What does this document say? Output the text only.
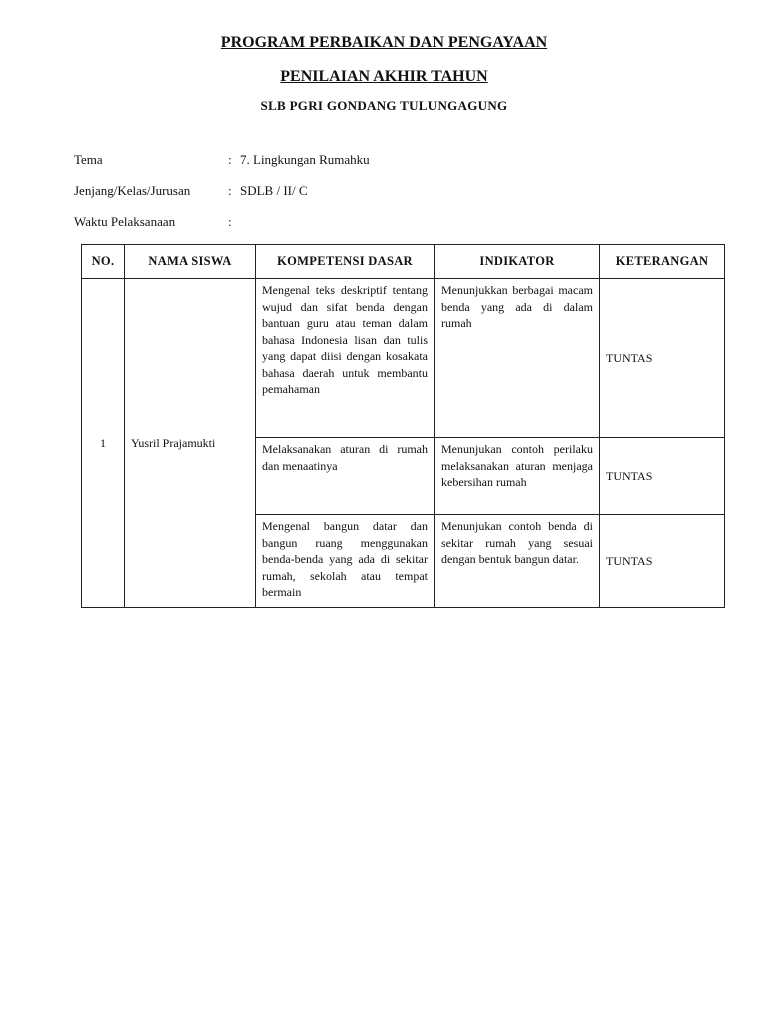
PROGRAM PERBAIKAN DAN PENGAYAAN
PENILAIAN AKHIR TAHUN
SLB PGRI GONDANG TULUNGAGUNG
Tema	: 7. Lingkungan Rumahku
Jenjang/Kelas/Jurusan	: SDLB / II/ C
Waktu Pelaksanaan	:
NO.	NAMA SISWA	KOMPETENSI DASAR	INDIKATOR	KETERANGAN
1	Yusril Prajamukti	Mengenal teks deskriptif tentang wujud dan sifat benda dengan bantuan guru atau teman dalam bahasa Indonesia lisan dan tulis yang dapat diisi dengan kosakata bahasa daerah untuk membantu pemahaman	Menunjukkan berbagai macam benda yang ada di dalam rumah	TUNTAS
		Melaksanakan aturan di rumah dan menaatinya	Menunjukan contoh perilaku melaksanakan aturan menjaga kebersihan rumah	TUNTAS
		Mengenal bangun datar dan bangun ruang menggunakan benda-benda yang ada di sekitar rumah, sekolah atau tempat bermain	Menunjukan contoh benda di sekitar rumah yang sesuai dengan bentuk bangun datar.	TUNTAS
